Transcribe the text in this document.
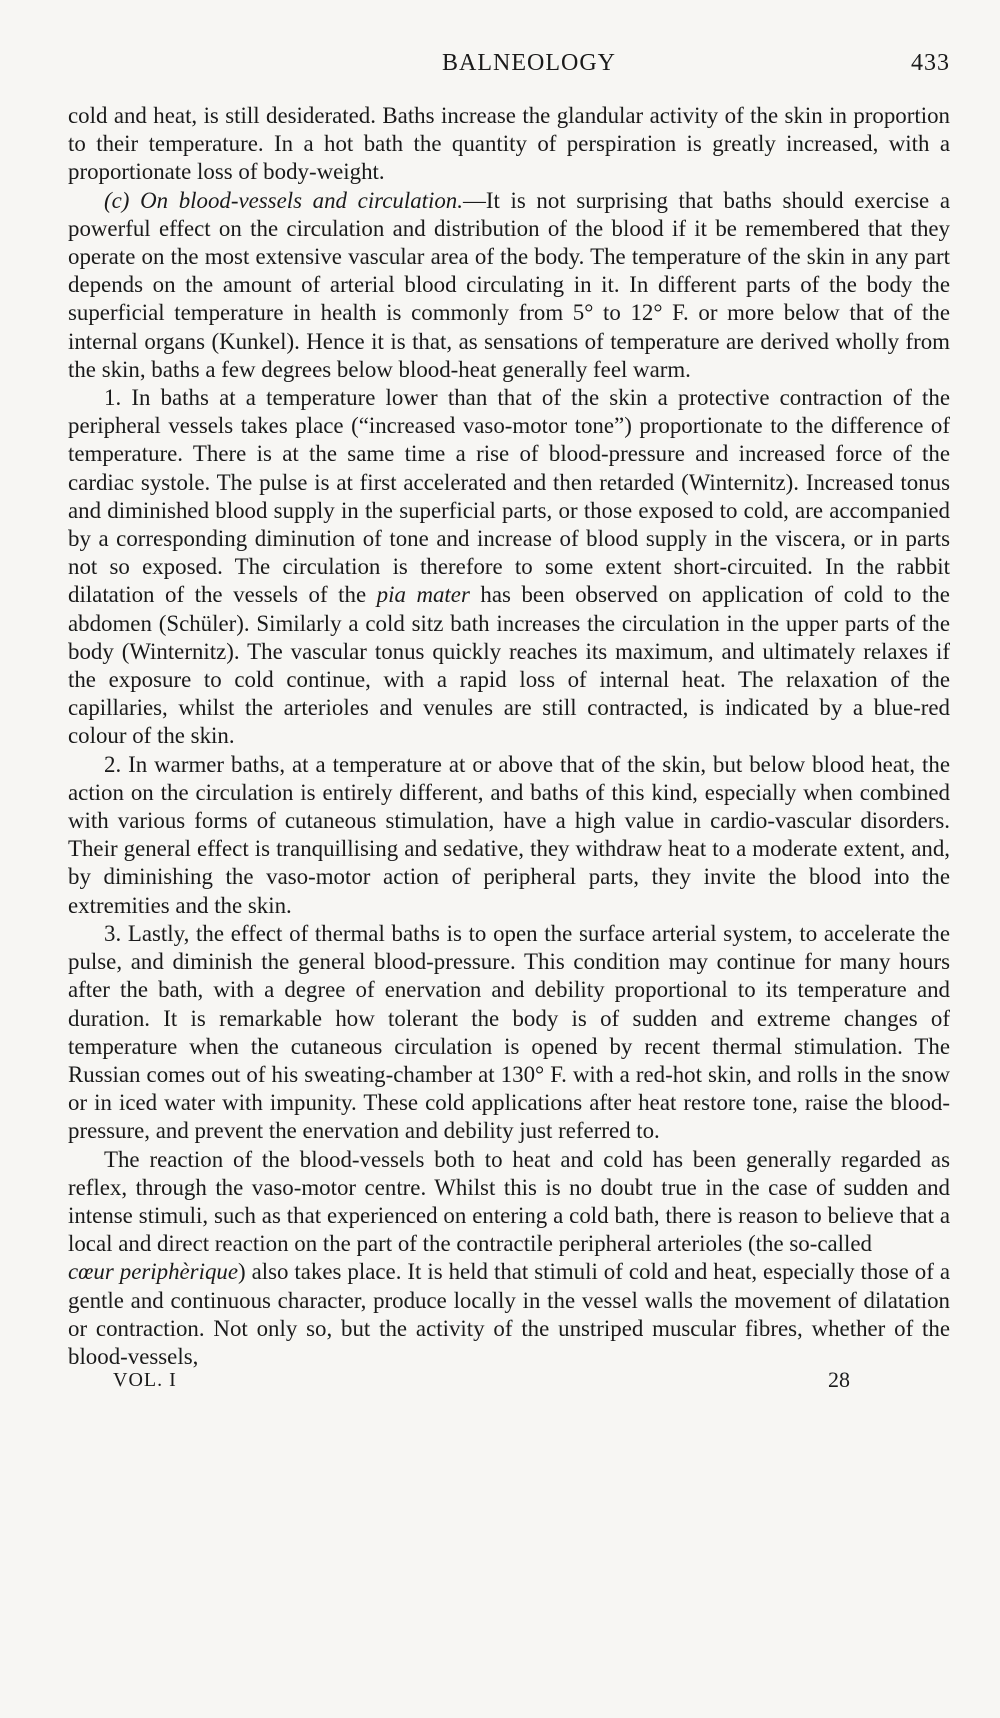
BALNEOLOGY	433

cold and heat, is still desiderated. Baths increase the glandular activity of the skin in proportion to their temperature. In a hot bath the quantity of perspiration is greatly increased, with a proportionate loss of body-weight.

(c) On blood-vessels and circulation.—It is not surprising that baths should exercise a powerful effect on the circulation and distribution of the blood if it be remembered that they operate on the most extensive vascular area of the body. The temperature of the skin in any part depends on the amount of arterial blood circulating in it. In different parts of the body the superficial temperature in health is commonly from 5° to 12° F. or more below that of the internal organs (Kunkel). Hence it is that, as sensations of temperature are derived wholly from the skin, baths a few degrees below blood-heat generally feel warm.

1. In baths at a temperature lower than that of the skin a protective contraction of the peripheral vessels takes place (“increased vaso-motor tone”) proportionate to the difference of temperature. There is at the same time a rise of blood-pressure and increased force of the cardiac systole. The pulse is at first accelerated and then retarded (Winternitz). Increased tonus and diminished blood supply in the superficial parts, or those exposed to cold, are accompanied by a corresponding diminution of tone and increase of blood supply in the viscera, or in parts not so exposed. The circulation is therefore to some extent short-circuited. In the rabbit dilatation of the vessels of the pia mater has been observed on application of cold to the abdomen (Schüler). Similarly a cold sitz bath increases the circulation in the upper parts of the body (Winternitz). The vascular tonus quickly reaches its maximum, and ultimately relaxes if the exposure to cold continue, with a rapid loss of internal heat. The relaxation of the capillaries, whilst the arterioles and venules are still contracted, is indicated by a blue-red colour of the skin.

2. In warmer baths, at a temperature at or above that of the skin, but below blood heat, the action on the circulation is entirely different, and baths of this kind, especially when combined with various forms of cutaneous stimulation, have a high value in cardio-vascular disorders. Their general effect is tranquillising and sedative, they withdraw heat to a moderate extent, and, by diminishing the vaso-motor action of peripheral parts, they invite the blood into the extremities and the skin.

3. Lastly, the effect of thermal baths is to open the surface arterial system, to accelerate the pulse, and diminish the general blood-pressure. This condition may continue for many hours after the bath, with a degree of enervation and debility proportional to its temperature and duration. It is remarkable how tolerant the body is of sudden and extreme changes of temperature when the cutaneous circulation is opened by recent thermal stimulation. The Russian comes out of his sweating-chamber at 130° F. with a red-hot skin, and rolls in the snow or in iced water with impunity. These cold applications after heat restore tone, raise the blood-pressure, and prevent the enervation and debility just referred to.

The reaction of the blood-vessels both to heat and cold has been generally regarded as reflex, through the vaso-motor centre. Whilst this is no doubt true in the case of sudden and intense stimuli, such as that experienced on entering a cold bath, there is reason to believe that a local and direct reaction on the part of the contractile peripheral arterioles (the so-called
cœur periphèrique) also takes place. It is held that stimuli of cold and heat, especially those of a gentle and continuous character, produce locally in the vessel walls the movement of dilatation or contraction. Not only so, but the activity of the unstriped muscular fibres, whether of the blood-vessels,

VOL. I	28
